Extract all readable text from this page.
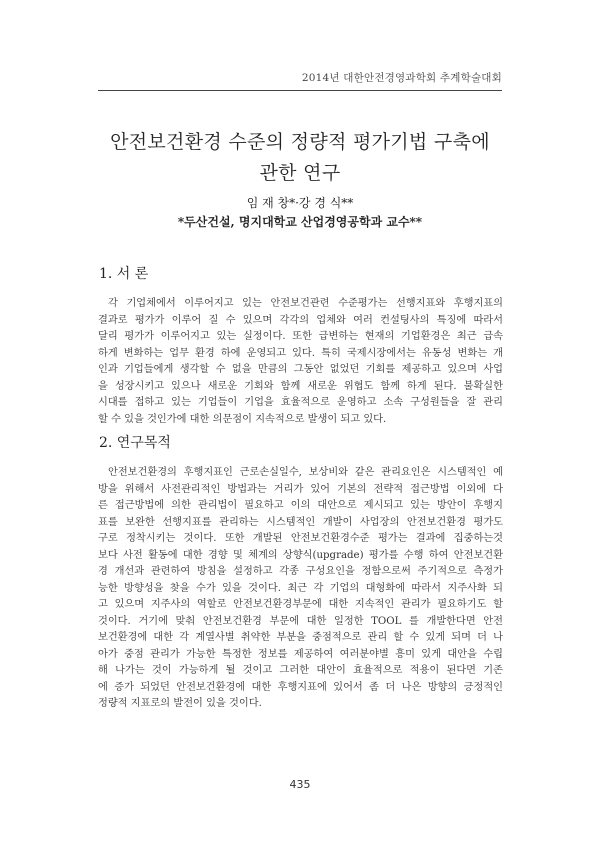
2014년 대한안전경영과학회 추계학술대회
안전보건환경 수준의 정량적 평가기법 구축에
관한 연구
임 재 창*·강 경 식**
*두산건설, 명지대학교 산업경영공학과 교수**
1. 서 론
각 기업체에서 이루어지고 있는 안전보건관련 수준평가는 선행지표와 후행지표의
결과로 평가가 이루어 질 수 있으며 각각의 업체와 여러 컨설팅사의 특징에 따라서
달리 평가가 이루어지고 있는 실정이다. 또한 급변하는 현재의 기업환경은 최근 급속
하게 변화하는 업무 환경 하에 운영되고 있다. 특히 국제시장에서는 유동성 변화는 개
인과 기업들에게 생각할 수 없을 만큼의 그동안 없었던 기회를 제공하고 있으며 사업
을 성장시키고 있으나 새로운 기회와 함께 새로운 위협도 함께 하게 된다. 불확실한
시대를 접하고 있는 기업들이 기업을 효율적으로 운영하고 소속 구성원들을 잘 관리
할 수 있을 것인가에 대한 의문점이 지속적으로 발생이 되고 있다.
2. 연구목적
안전보건환경의 후행지표인 근로손실일수, 보상비와 같은 관리요인은 시스템적인 예
방을 위해서 사전관리적인 방법과는 거리가 있어 기본의 전략적 접근방법 이외에 다
른 접근방법에 의한 관리법이 필요하고 이의 대안으로 제시되고 있는 방안이 후행지
표를 보완한 선행지표를 관리하는 시스템적인 개발이 사업장의 안전보건환경 평가도
구로 정착시키는 것이다. 또한 개발된 안전보건환경수준 평가는 결과에 집중하는것
보다 사전 활동에 대한 경향 및 체계의 상향식(upgrade) 평가를 수행 하여 안전보건환
경 개선과 관련하여 방침을 설정하고 각종 구성요인을 정함으로써 주기적으로 측정가
능한 방향성을 찾을 수가 있을 것이다. 최근 각 기업의 대형화에 따라서 지주사화 되
고 있으며 지주사의 역할로 안전보건환경부문에 대한 지속적인 관리가 필요하기도 할
것이다. 거기에 맞춰 안전보건환경 부문에 대한 일정한 TOOL 를 개발한다면 안전
보건환경에 대한 각 계열사별 취약한 부분을 중점적으로 관리 할 수 있게 되며 더 나
아가 중점 관리가 가능한 특정한 정보를 제공하여 여러분야별 흥미 있게 대안을 수립
해 나가는 것이 가능하게 될 것이고 그러한 대안이 효율적으로 적용이 된다면 기존
에 증가 되었던 안전보건환경에 대한 후행지표에 있어서 좀 더 나은 방향의 긍정적인
정량적 지표로의 발전이 있을 것이다.
435
